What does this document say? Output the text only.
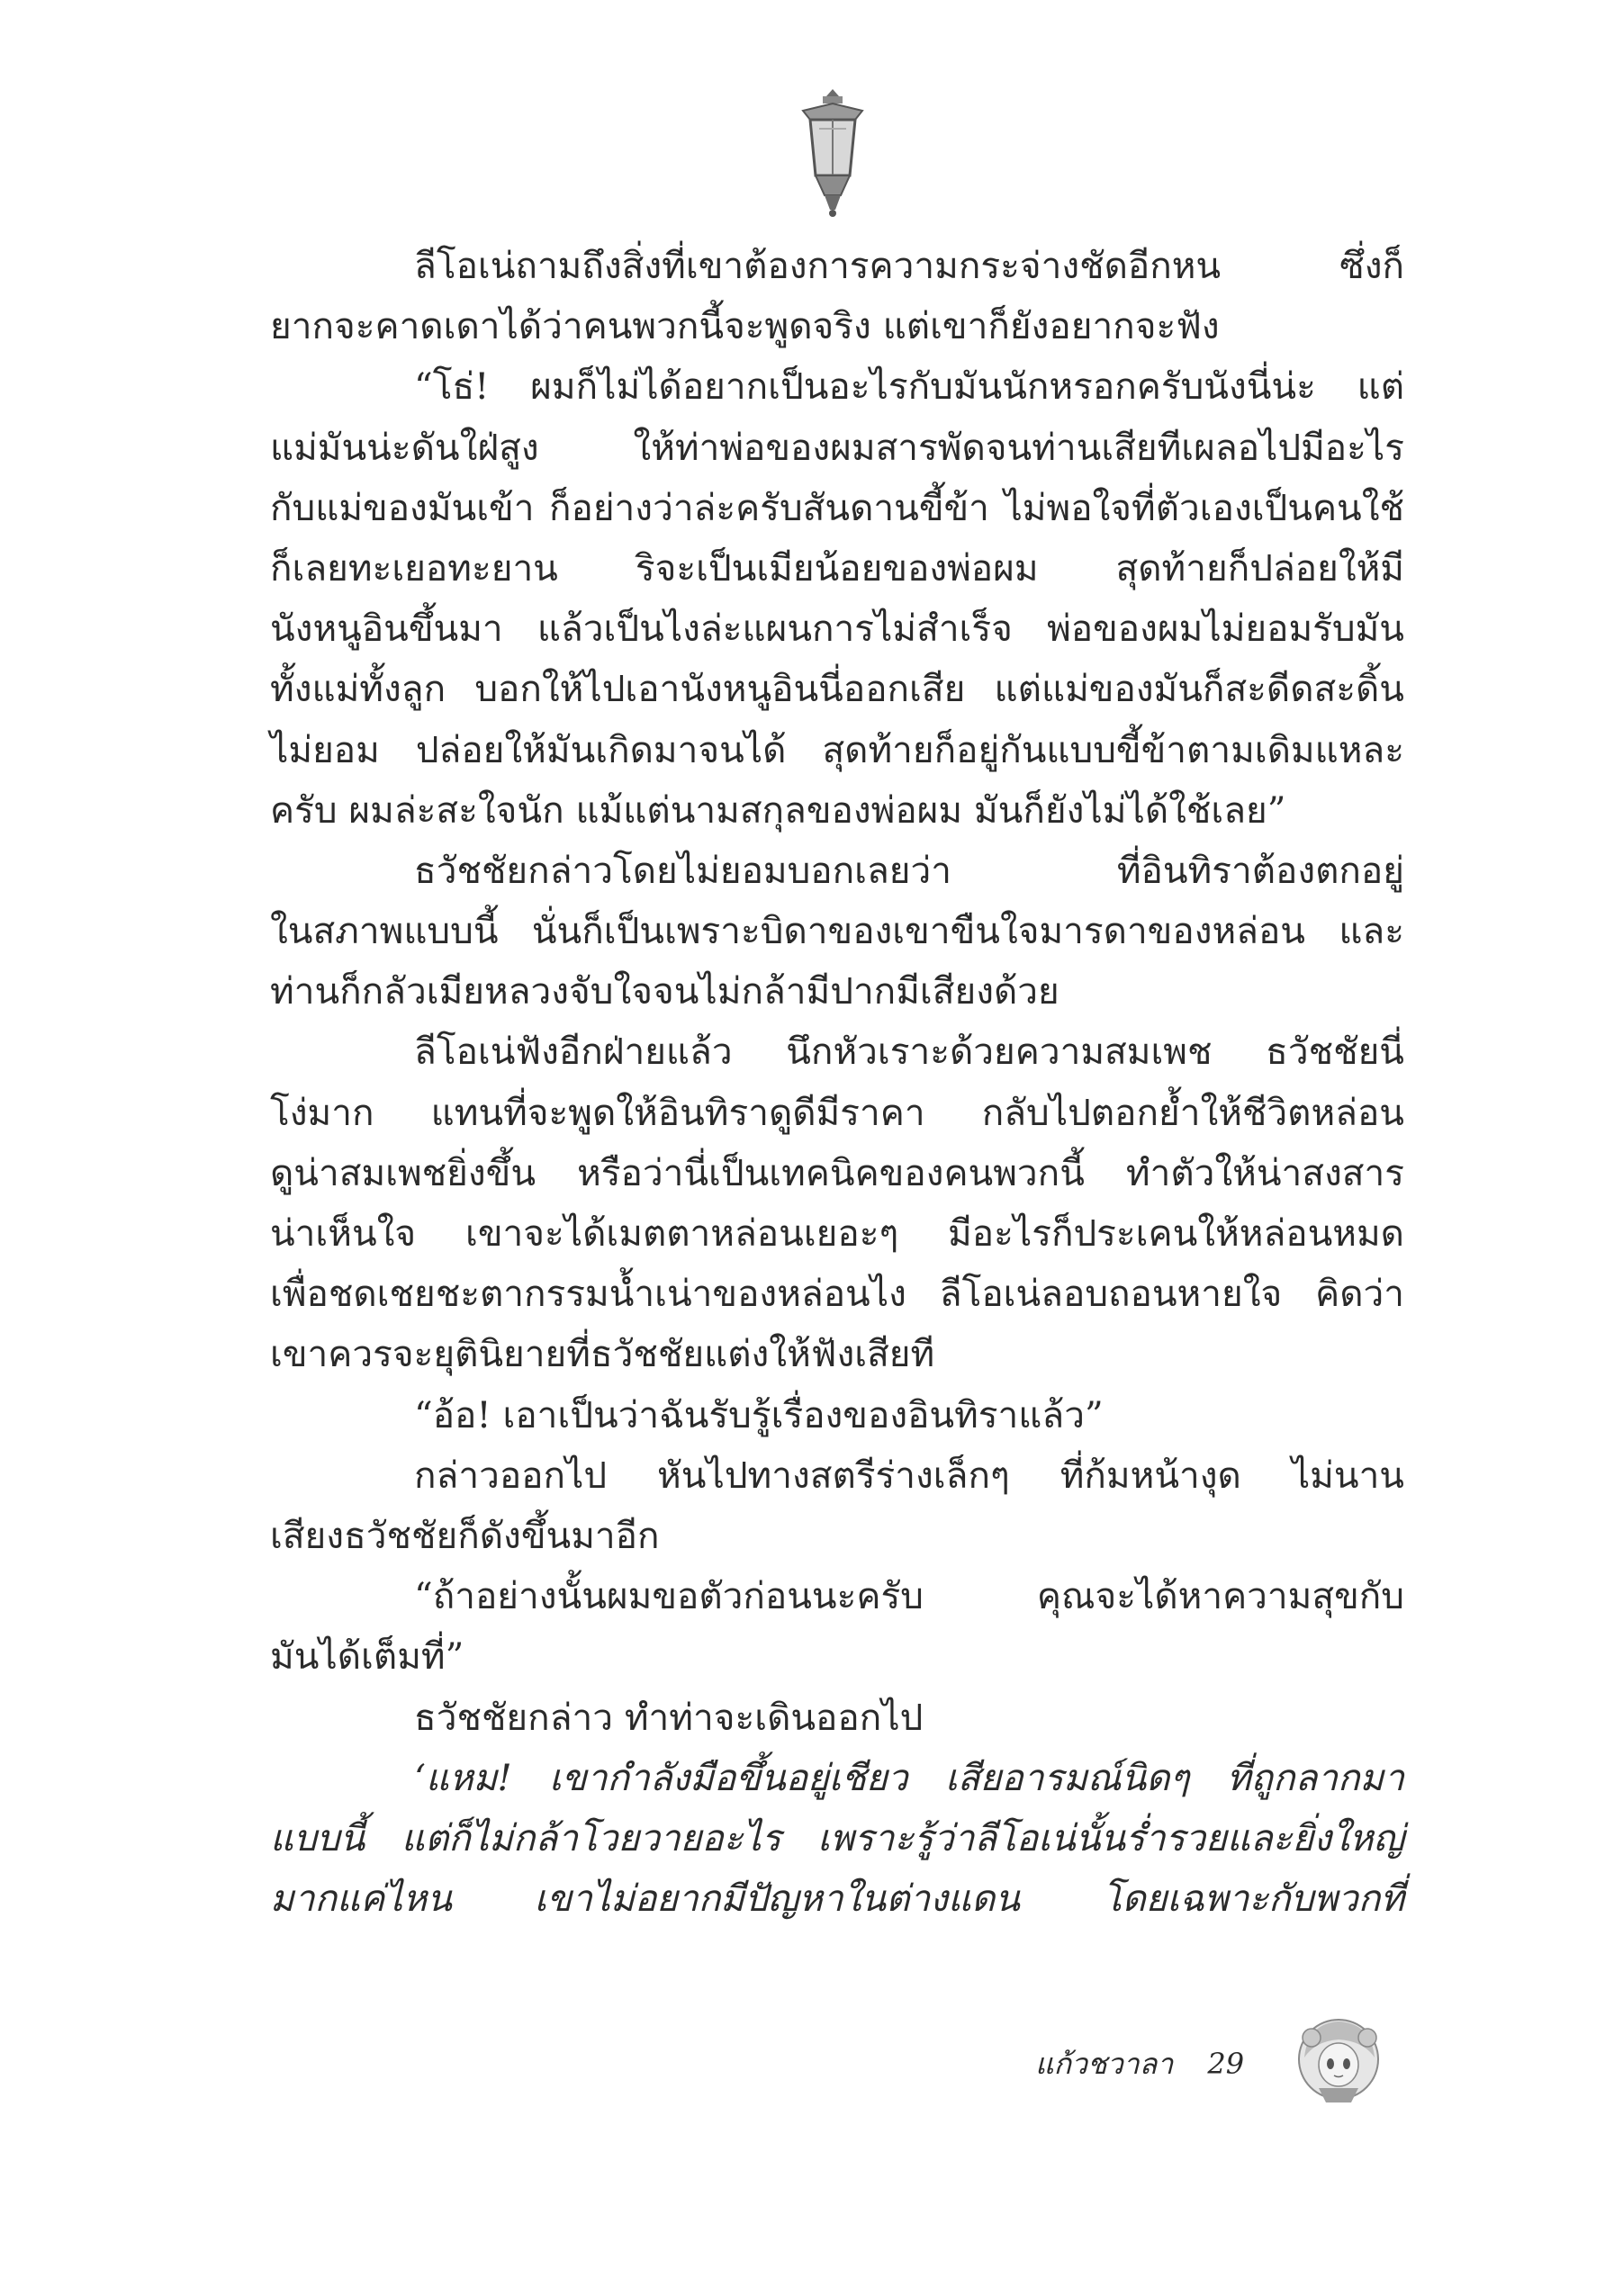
ลีโอเน่ถามถึงสิ่งที่เขาต้องการความกระจ่างชัดอีกหน ซึ่งก็
ยากจะคาดเดาได้ว่าคนพวกนี้จะพูดจริง แต่เขาก็ยังอยากจะฟัง
“โธ่! ผมก็ไม่ได้อยากเป็นอะไรกับมันนักหรอกครับนังนี่น่ะ แต่
แม่มันน่ะดันใฝ่สูง ให้ท่าพ่อของผมสารพัดจนท่านเสียทีเผลอไปมีอะไร
กับแม่ของมันเข้า ก็อย่างว่าล่ะครับสันดานขี้ข้า ไม่พอใจที่ตัวเองเป็นคนใช้
ก็เลยทะเยอทะยาน ริจะเป็นเมียน้อยของพ่อผม สุดท้ายก็ปล่อยให้มี
นังหนูอินขึ้นมา แล้วเป็นไงล่ะแผนการไม่สำเร็จ พ่อของผมไม่ยอมรับมัน
ทั้งแม่ทั้งลูก บอกให้ไปเอานังหนูอินนี่ออกเสีย แต่แม่ของมันก็สะดีดสะดิ้น
ไม่ยอม ปล่อยให้มันเกิดมาจนได้ สุดท้ายก็อยู่กันแบบขี้ข้าตามเดิมแหละ
ครับ ผมล่ะสะใจนัก แม้แต่นามสกุลของพ่อผม มันก็ยังไม่ได้ใช้เลย”
ธวัชชัยกล่าวโดยไม่ยอมบอกเลยว่า ที่อินทิราต้องตกอยู่
ในสภาพแบบนี้ นั่นก็เป็นเพราะบิดาของเขาขืนใจมารดาของหล่อน และ
ท่านก็กลัวเมียหลวงจับใจจนไม่กล้ามีปากมีเสียงด้วย
ลีโอเน่ฟังอีกฝ่ายแล้ว นึกหัวเราะด้วยความสมเพช ธวัชชัยนี่
โง่มาก แทนที่จะพูดให้อินทิราดูดีมีราคา กลับไปตอกย้ำให้ชีวิตหล่อน
ดูน่าสมเพชยิ่งขึ้น หรือว่านี่เป็นเทคนิคของคนพวกนี้ ทำตัวให้น่าสงสาร
น่าเห็นใจ เขาจะได้เมตตาหล่อนเยอะๆ มีอะไรก็ประเคนให้หล่อนหมด
เพื่อชดเชยชะตากรรมน้ำเน่าของหล่อนไง ลีโอเน่ลอบถอนหายใจ คิดว่า
เขาควรจะยุตินิยายที่ธวัชชัยแต่งให้ฟังเสียที
“อ้อ! เอาเป็นว่าฉันรับรู้เรื่องของอินทิราแล้ว”
กล่าวออกไป หันไปทางสตรีร่างเล็กๆ ที่ก้มหน้างุด ไม่นาน
เสียงธวัชชัยก็ดังขึ้นมาอีก
“ถ้าอย่างนั้นผมขอตัวก่อนนะครับ คุณจะได้หาความสุขกับ
มันได้เต็มที่”
ธวัชชัยกล่าว ทำท่าจะเดินออกไป
‘แหม! เขากำลังมือขึ้นอยู่เชียว เสียอารมณ์นิดๆ ที่ถูกลากมา
แบบนี้ แต่ก็ไม่กล้าโวยวายอะไร เพราะรู้ว่าลีโอเน่นั้นร่ำรวยและยิ่งใหญ่
มากแค่ไหน เขาไม่อยากมีปัญหาในต่างแดน โดยเฉพาะกับพวกที่
แก้วชวาลา 29
